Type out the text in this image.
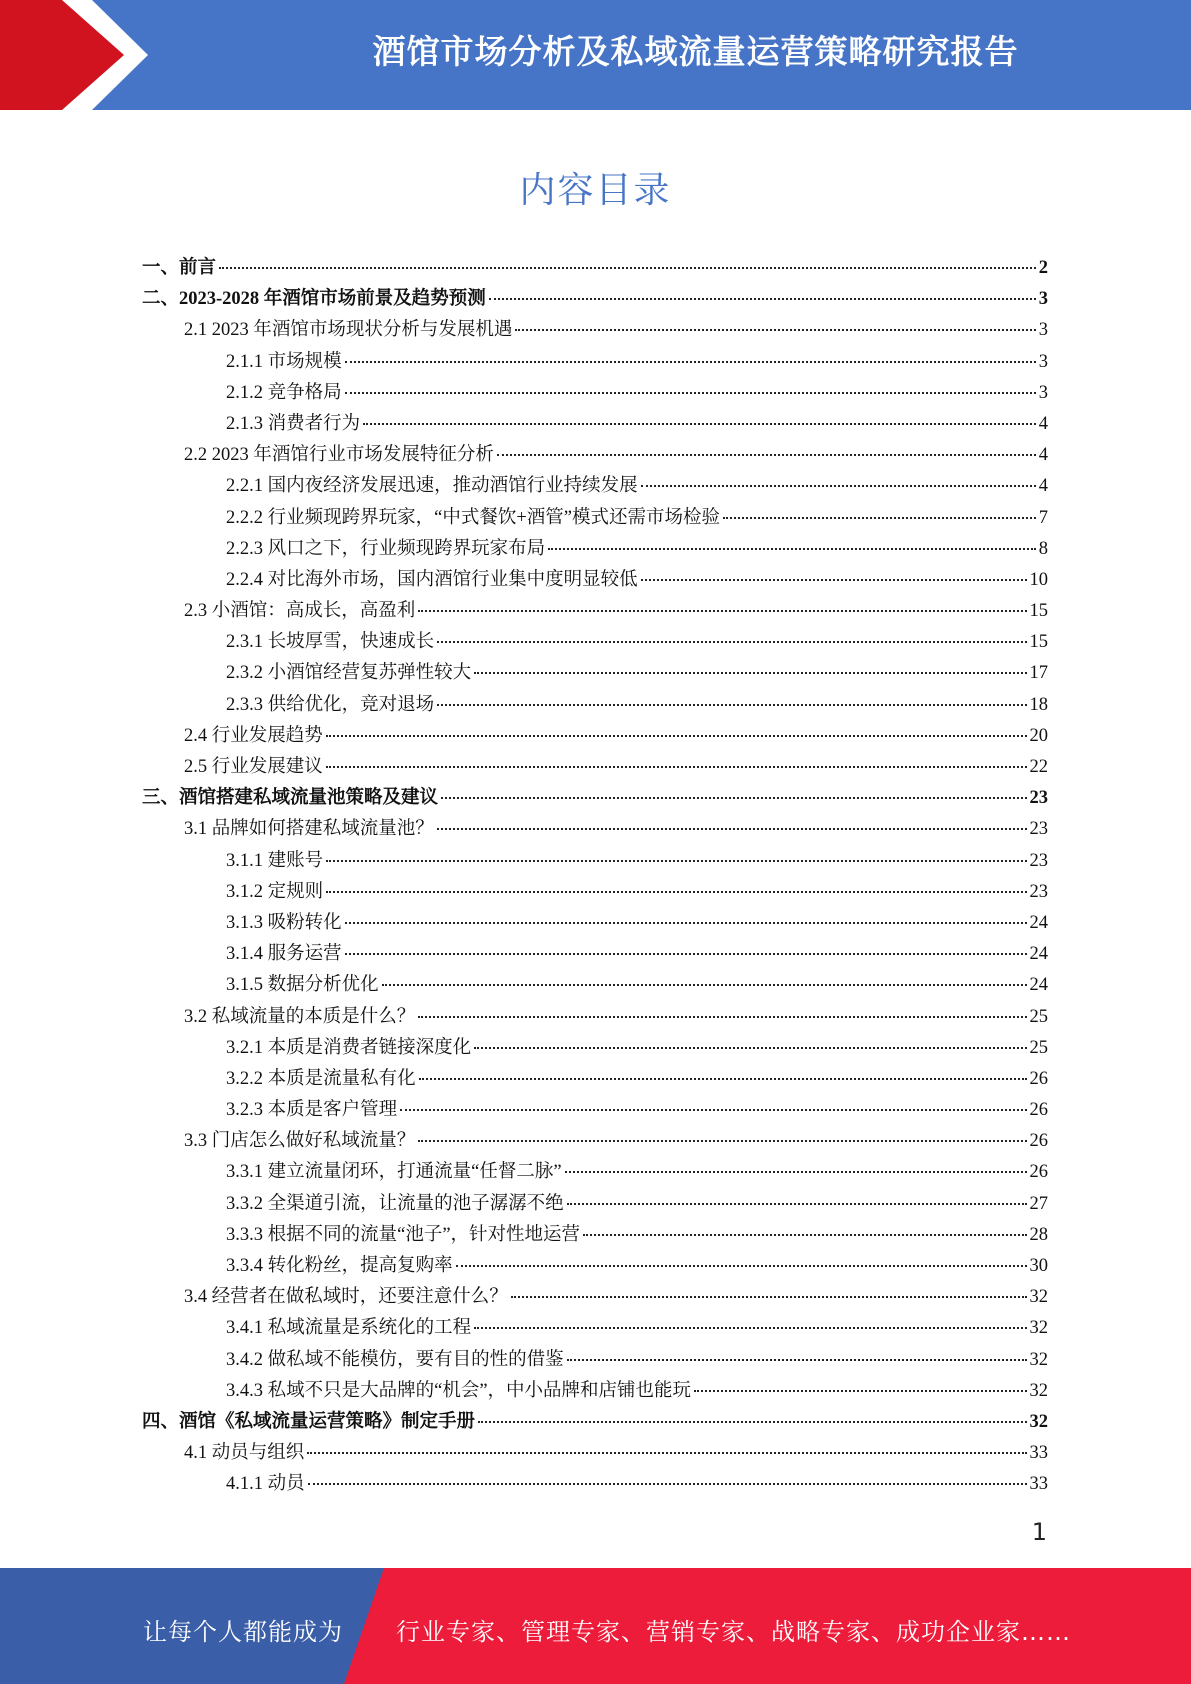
酒馆市场分析及私域流量运营策略研究报告
内容目录
一、前言	2
二、2023-2028 年酒馆市场前景及趋势预测	3
2.1 2023 年酒馆市场现状分析与发展机遇	3
2.1.1 市场规模	3
2.1.2 竞争格局	3
2.1.3 消费者行为	4
2.2 2023 年酒馆行业市场发展特征分析	4
2.2.1 国内夜经济发展迅速，推动酒馆行业持续发展	4
2.2.2 行业频现跨界玩家，“中式餐饮+酒管”模式还需市场检验	7
2.2.3 风口之下，行业频现跨界玩家布局	8
2.2.4 对比海外市场，国内酒馆行业集中度明显较低	10
2.3 小酒馆：高成长，高盈利	15
2.3.1 长坡厚雪，快速成长	15
2.3.2 小酒馆经营复苏弹性较大	17
2.3.3 供给优化，竞对退场	18
2.4 行业发展趋势	20
2.5 行业发展建议	22
三、酒馆搭建私域流量池策略及建议	23
3.1 品牌如何搭建私域流量池？	23
3.1.1 建账号	23
3.1.2 定规则	23
3.1.3 吸粉转化	24
3.1.4 服务运营	24
3.1.5 数据分析优化	24
3.2 私域流量的本质是什么？	25
3.2.1 本质是消费者链接深度化	25
3.2.2 本质是流量私有化	26
3.2.3 本质是客户管理	26
3.3 门店怎么做好私域流量？	26
3.3.1 建立流量闭环，打通流量“任督二脉”	26
3.3.2 全渠道引流，让流量的池子潺潺不绝	27
3.3.3 根据不同的流量“池子”，针对性地运营	28
3.3.4 转化粉丝，提高复购率	30
3.4 经营者在做私域时，还要注意什么？	32
3.4.1 私域流量是系统化的工程	32
3.4.2 做私域不能模仿，要有目的性的借鉴	32
3.4.3 私域不只是大品牌的“机会”，中小品牌和店铺也能玩	32
四、酒馆《私域流量运营策略》制定手册	32
4.1 动员与组织	33
4.1.1 动员	33
1
让每个人都能成为 行业专家、管理专家、营销专家、战略专家、成功企业家……
